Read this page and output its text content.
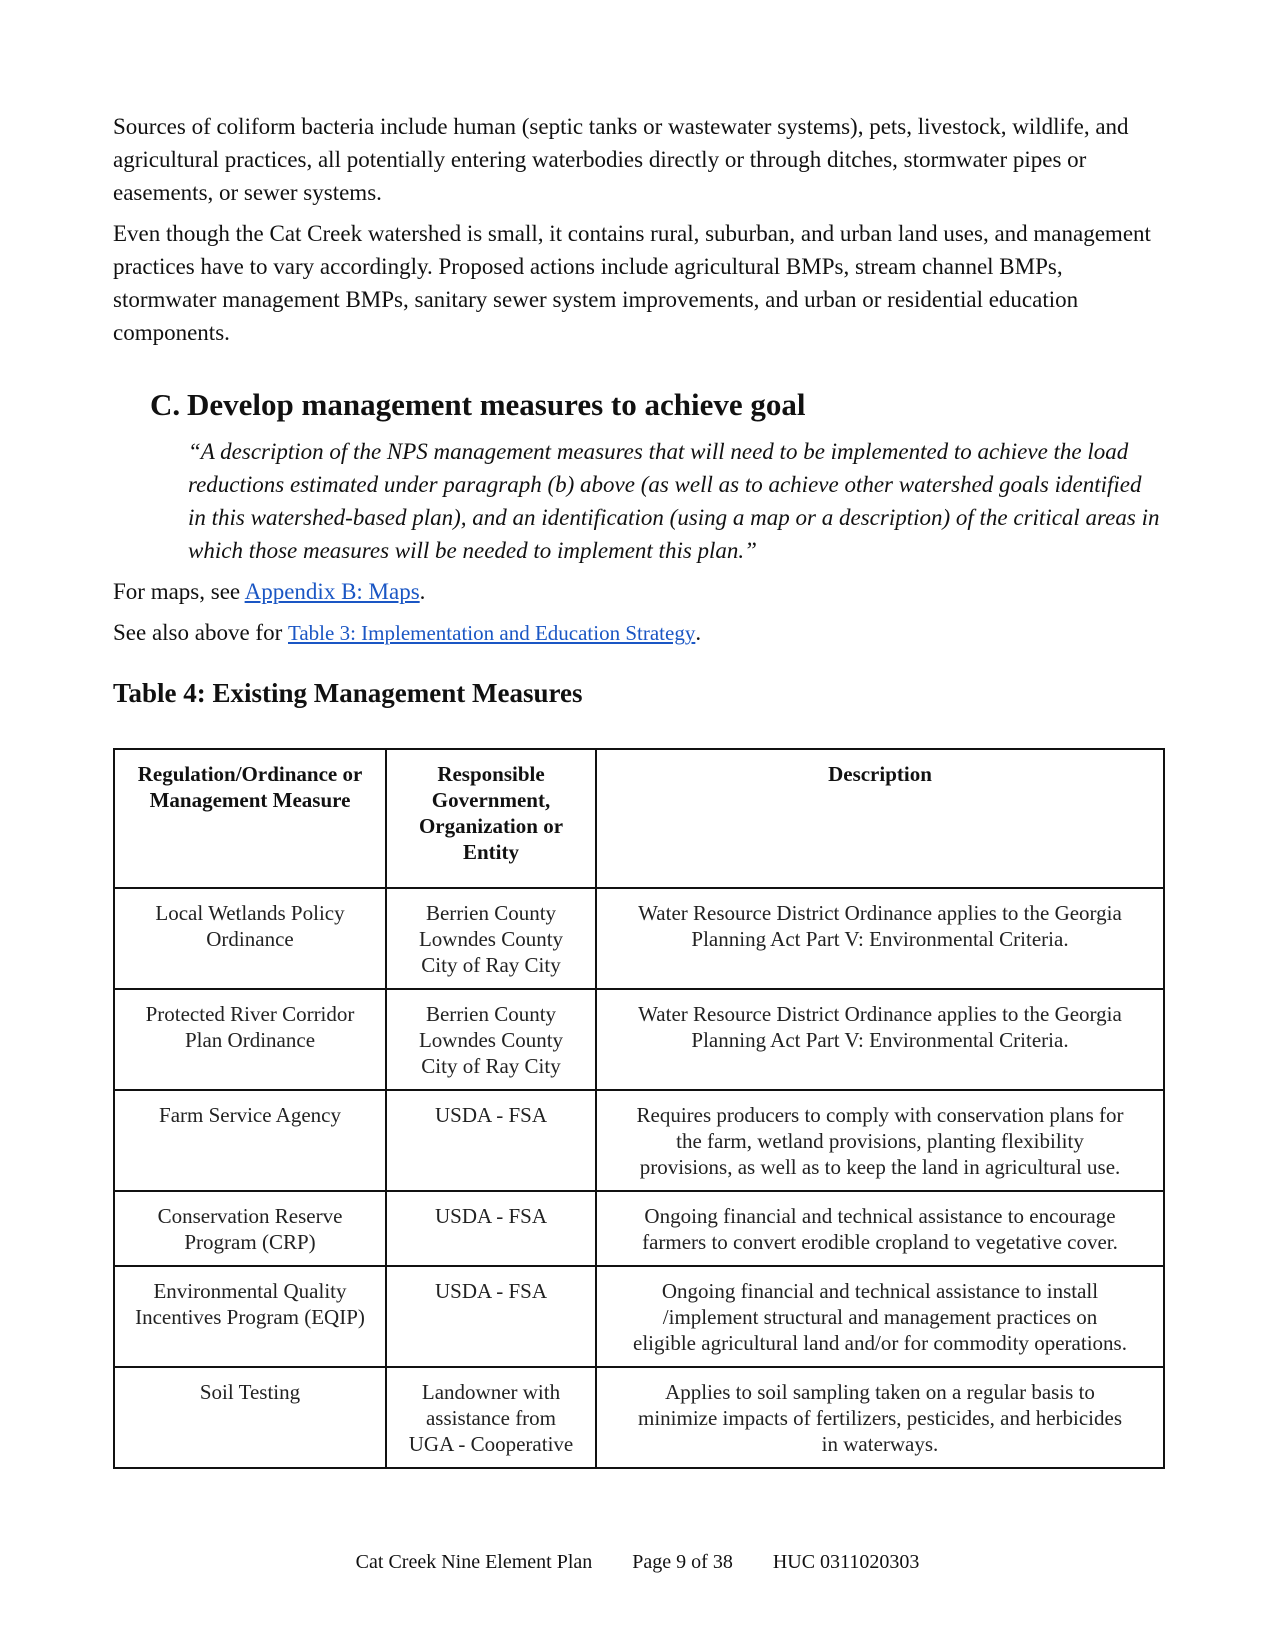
Sources of coliform bacteria include human (septic tanks or wastewater systems), pets, livestock, wildlife, and agricultural practices, all potentially entering waterbodies directly or through ditches, stormwater pipes or easements, or sewer systems.

Even though the Cat Creek watershed is small, it contains rural, suburban, and urban land uses, and management practices have to vary accordingly. Proposed actions include agricultural BMPs, stream channel BMPs, stormwater management BMPs, sanitary sewer system improvements, and urban or residential education components.

C. Develop management measures to achieve goal

“A description of the NPS management measures that will need to be implemented to achieve the load reductions estimated under paragraph (b) above (as well as to achieve other watershed goals identified in this watershed-based plan), and an identification (using a map or a description) of the critical areas in which those measures will be needed to implement this plan.”

For maps, see Appendix B: Maps.

See also above for Table 3: Implementation and Education Strategy.

Table 4: Existing Management Measures
Regulation/Ordinance or
Management Measure	Responsible
Government,
Organization or
Entity	Description

Local Wetlands Policy
Ordinance	Berrien County
Lowndes County
City of Ray City	Water Resource District Ordinance applies to the Georgia
Planning Act Part V: Environmental Criteria.

Protected River Corridor
Plan Ordinance	Berrien County
Lowndes County
City of Ray City	Water Resource District Ordinance applies to the Georgia
Planning Act Part V: Environmental Criteria.

Farm Service Agency	USDA - FSA	Requires producers to comply with conservation plans for
the farm, wetland provisions, planting flexibility
provisions, as well as to keep the land in agricultural use.

Conservation Reserve
Program (CRP)	USDA - FSA	Ongoing financial and technical assistance to encourage
farmers to convert erodible cropland to vegetative cover.

Environmental Quality
Incentives Program (EQIP)	USDA - FSA	Ongoing financial and technical assistance to install
/implement structural and management practices on
eligible agricultural land and/or for commodity operations.

Soil Testing	Landowner with
assistance from
UGA - Cooperative	Applies to soil sampling taken on a regular basis to
minimize impacts of fertilizers, pesticides, and herbicides
in waterways.
Cat Creek Nine Element Plan Page 9 of 38 HUC 0311020303
